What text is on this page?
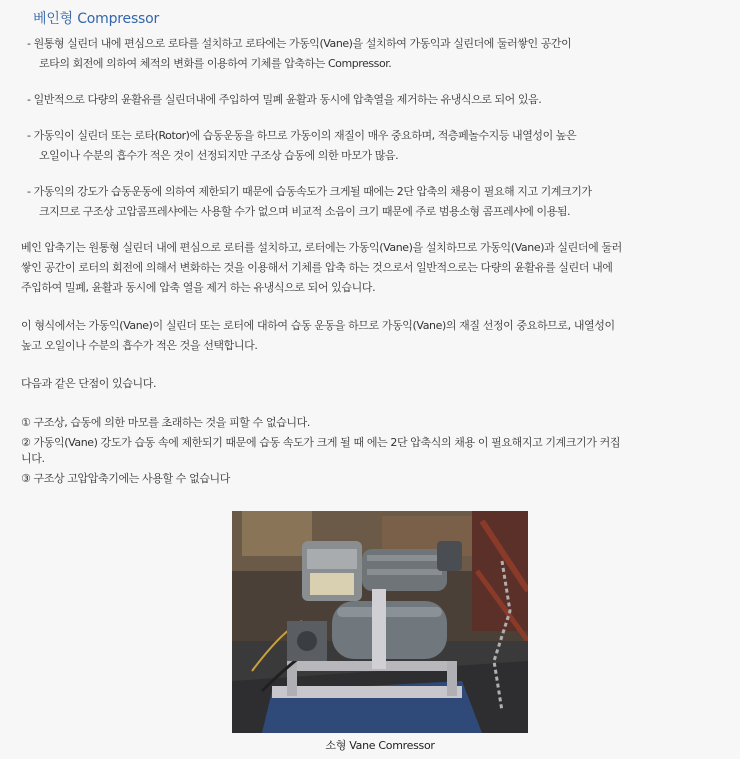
베인형 Compressor
- 원통형 실린더 내에 편심으로 로타를 설치하고 로타에는 가동익(Vane)을 설치하여 가동익과 실린더에 둘러쌓인 공간이
로타의 회전에 의하여 체적의 변화를 이용하여 기체를 압축하는 Compressor.
- 일반적으로 다량의 윤활유를 실린더내에 주입하여 밀폐 윤활과 동시에 압축열을 제거하는 유냉식으로 되어 있음.
- 가동익이 실린더 또는 로타(Rotor)에 습동운동을 하므로 가동이의 재질이 매우 중요하며, 적층페놀수지등 내열성이 높은
오일이나 수분의 흡수가 적은 것이 선정되지만 구조상 습동에 의한 마모가 많음.
- 가동익의 강도가 습동운동에 의하여 제한되기 때문에 습동속도가 크게될 때에는 2단 압축의 채용이 필요해 지고 기계크기가
크지므로 구조상 고압콤프레샤에는 사용할 수가 없으며 비교적 소음이 크기 때문에 주로 범용소형 콤프레샤에 이용됨.
베인 압축기는 원통형 실린더 내에 편심으로 로터를 설치하고, 로터에는 가동익(Vane)을 설치하므로 가동익(Vane)과 실린더에 둘러
쌓인 공간이 로터의 회전에 의해서 변화하는 것을 이용해서 기체를 압축 하는 것으로서 일반적으로는 다량의 윤활유를 실린더 내에
주입하여 밀폐, 윤활과 동시에 압축 열을 제거 하는 유냉식으로 되어 있습니다.
이 형식에서는 가동익(Vane)이 실린더 또는 로터에 대하여 습동 운동을 하므로 가동익(Vane)의 재질 선정이 중요하므로, 내열성이
높고 오일이나 수분의 흡수가 적은 것을 선택합니다.
다음과 같은 단점이 있습니다.
① 구조상, 습동에 의한 마모를 초래하는 것을 피할 수 없습니다.
② 가동익(Vane) 강도가 습동 속에 제한되기 때문에 습동 속도가 크게 될 때 에는 2단 압축식의 채용 이 필요해지고 기계크기가 커집
니다.
③ 구조상 고압압축기에는 사용할 수 없습니다
소형 Vane Comressor
